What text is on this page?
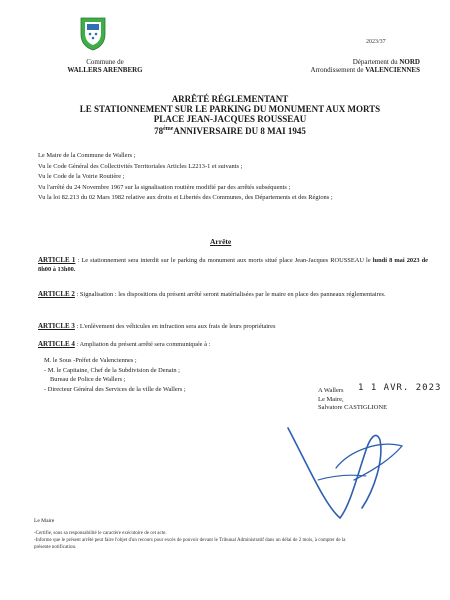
Commune de
WALLERS ARENBERG
2023/37
Département du NORD
Arrondissement de VALENCIENNES
ARRÊTÉ RÉGLEMENTANT
LE STATIONNEMENT SUR LE PARKING DU MONUMENT AUX MORTS
PLACE JEAN-JACQUES ROUSSEAU
78èmeANNIVERSAIRE DU 8 MAI 1945
Le Maire de la Commune de Wallers ;
Vu le Code Général des Collectivités Territoriales Articles L2213-1 et suivants ;
Vu le Code de la Voirie Routière ;
Vu l'arrêté du 24 Novembre 1967 sur la signalisation routière modifié par des arrêtés subséquents ;
Vu la loi 82.213 du 02 Mars 1982 relative aux droits et Libertés des Communes, des Départements et des Régions ;
Arrête
ARTICLE 1 : Le stationnement sera interdit sur le parking du monument aux morts situé place Jean-Jacques ROUSSEAU le lundi 8 mai 2023 de 8h00 à 13h00.
ARTICLE 2 : Signalisation : les dispositions du présent arrêté seront matérialisées par le maire en place des panneaux réglementaires.
ARTICLE 3 : L'enlèvement des véhicules en infraction sera aux frais de leurs propriétaires
ARTICLE 4 : Ampliation du présent arrêté sera communiquée à :
M. le Sous -Préfet de Valenciennes ;
- M. le Capitaine, Chef de la Subdivision de Denain ;
Bureau de Police de Wallers ;
- Directeur Général des Services de la ville de Wallers ;	1 1 AVR. 2023
A Wallers
Le Maire,
Salvatore CASTIGLIONE
Le Maire
-Certifie, sous sa responsabilité le caractère exécutoire de cet acte.
-Informe que le présent arrêté peut faire l'objet d'un recours pour excès de pouvoir devant le Tribunal Administratif dans un délai de 2 mois, à compter de la
présente notification.
